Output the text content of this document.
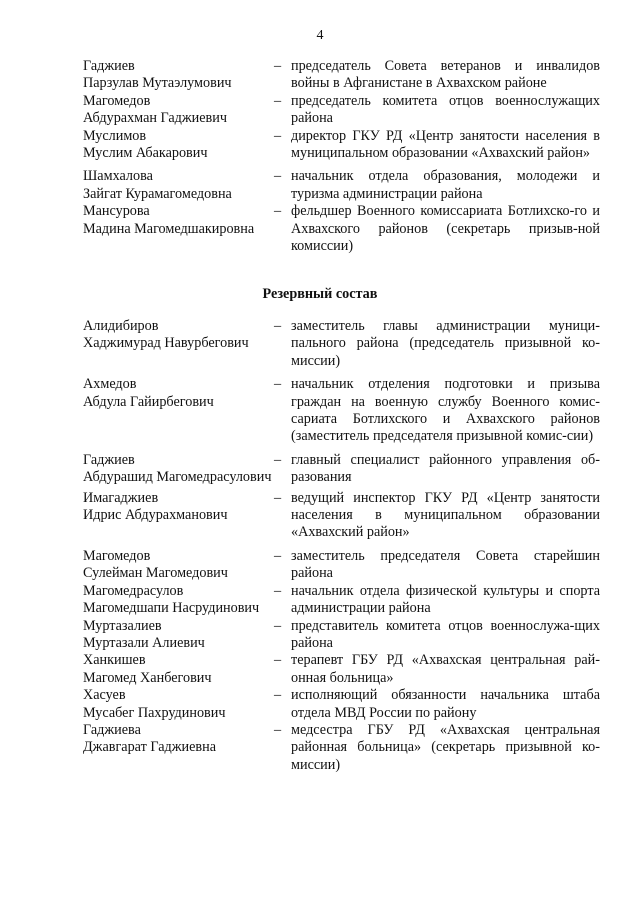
4
Гаджиев
Парзулав Мутаэлумович
– председатель Совета ветеранов и инвалидов войны в Афганистане в Ахвахском районе
Магомедов
Абдурахман Гаджиевич
– председатель комитета отцов военнослужащих района
Муслимов
Муслим Абакарович
– директор ГКУ РД «Центр занятости населения в муниципальном образовании «Ахвахский район»
Шамхалова
Зайгат Курамагомедовна
– начальник отдела образования, молодежи и туризма администрации района
Мансурова
Мадина Магомедшакировна
– фельдшер Военного комиссариата Ботлихско-го и Ахвахского районов (секретарь призыв-ной комиссии)
Резервный состав
Алидибиров
Хаджимурад Навурбегович
– заместитель главы администрации муници-пального района (председатель призывной ко-миссии)
Ахмедов
Абдула Гайирбегович
– начальник отделения подготовки и призыва граждан на военную службу Военного комис-сариата Ботлихского и Ахвахского районов (заместитель председателя призывной комис-сии)
Гаджиев
Абдурашид Магомедрасулович
– главный специалист районного управления об-разования
Имагаджиев
Идрис Абдурахманович
– ведущий инспектор ГКУ РД «Центр занятости населения в муниципальном образовании «Ахвахский район»
Магомедов
Сулейман Магомедович
– заместитель председателя Совета старейшин района
Магомедрасулов
Магомедшапи Насрудинович
– начальник отдела физической культуры и спорта администрации района
Муртазалиев
Муртазали Алиевич
– представитель комитета отцов военнослужа-щих района
Ханкишев
Магомед Ханбегович
– терапевт ГБУ РД «Ахвахская центральная рай-онная больница»
Хасуев
Мусабег Пахрудинович
– исполняющий обязанности начальника штаба отдела МВД России по району
Гаджиева
Джавгарат Гаджиевна
– медсестра ГБУ РД «Ахвахская центральная районная больница» (секретарь призывной ко-миссии)
